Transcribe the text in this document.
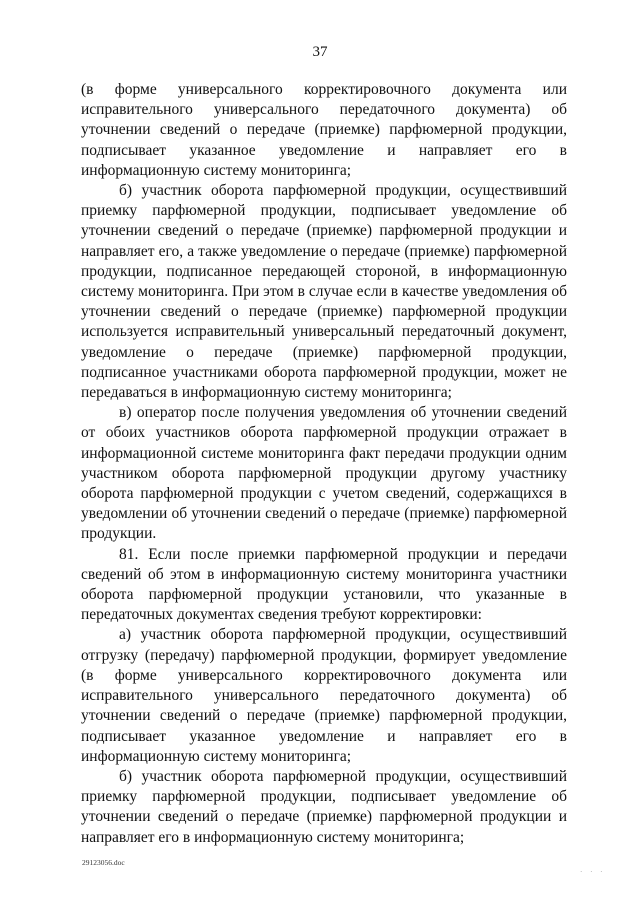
37

(в форме универсального корректировочного документа или исправительного универсального передаточного документа) об уточнении сведений о передаче (приемке) парфюмерной продукции, подписывает указанное уведомление и направляет его в информационную систему мониторинга;

б) участник оборота парфюмерной продукции, осуществивший приемку парфюмерной продукции, подписывает уведомление об уточнении сведений о передаче (приемке) парфюмерной продукции и направляет его, а также уведомление о передаче (приемке) парфюмерной продукции, подписанное передающей стороной, в информационную систему мониторинга. При этом в случае если в качестве уведомления об уточнении сведений о передаче (приемке) парфюмерной продукции используется исправительный универсальный передаточный документ, уведомление о передаче (приемке) парфюмерной продукции, подписанное участниками оборота парфюмерной продукции, может не передаваться в информационную систему мониторинга;

в) оператор после получения уведомления об уточнении сведений от обоих участников оборота парфюмерной продукции отражает в информационной системе мониторинга факт передачи продукции одним участником оборота парфюмерной продукции другому участнику оборота парфюмерной продукции с учетом сведений, содержащихся в уведомлении об уточнении сведений о передаче (приемке) парфюмерной продукции.

81. Если после приемки парфюмерной продукции и передачи сведений об этом в информационную систему мониторинга участники оборота парфюмерной продукции установили, что указанные в передаточных документах сведения требуют корректировки:

а) участник оборота парфюмерной продукции, осуществивший отгрузку (передачу) парфюмерной продукции, формирует уведомление (в форме универсального корректировочного документа или исправительного универсального передаточного документа) об уточнении сведений о передаче (приемке) парфюмерной продукции, подписывает указанное уведомление и направляет его в информационную систему мониторинга;

б) участник оборота парфюмерной продукции, осуществивший приемку парфюмерной продукции, подписывает уведомление об уточнении сведений о передаче (приемке) парфюмерной продукции и направляет его в информационную систему мониторинга;

29123056.doc
· · ·
